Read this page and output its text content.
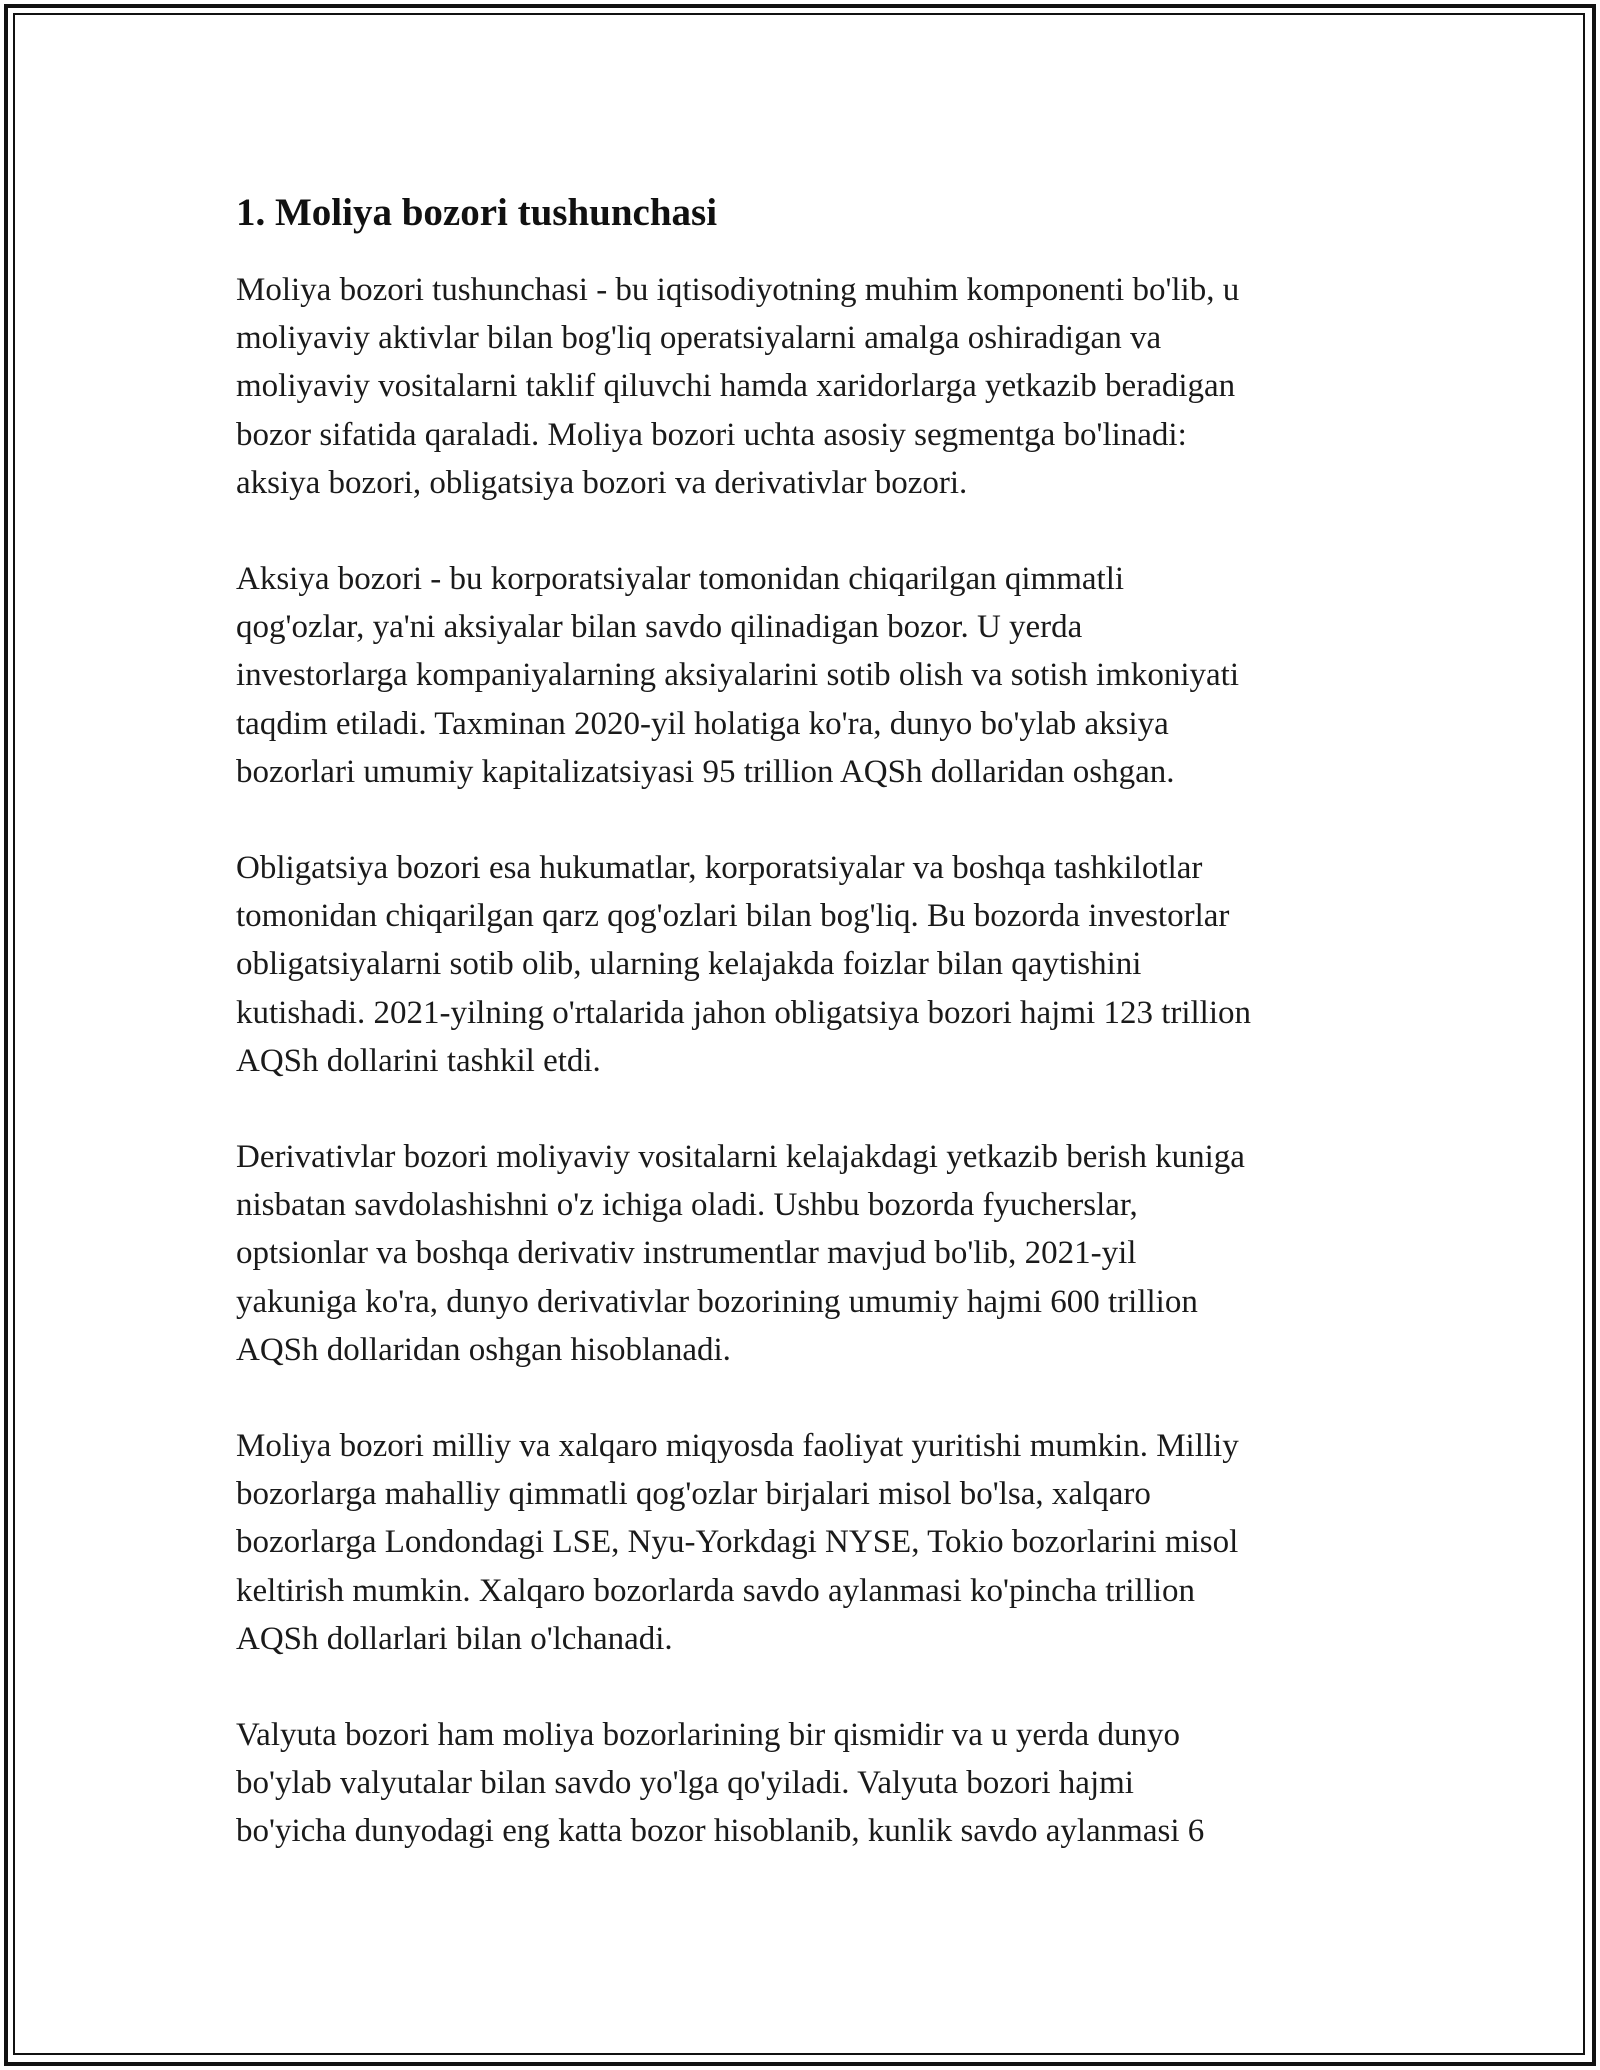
1. Moliya bozori tushunchasi

Moliya bozori tushunchasi - bu iqtisodiyotning muhim komponenti bo'lib, u
moliyaviy aktivlar bilan bog'liq operatsiyalarni amalga oshiradigan va
moliyaviy vositalarni taklif qiluvchi hamda xaridorlarga yetkazib beradigan
bozor sifatida qaraladi. Moliya bozori uchta asosiy segmentga bo'linadi:
aksiya bozori, obligatsiya bozori va derivativlar bozori.

Aksiya bozori - bu korporatsiyalar tomonidan chiqarilgan qimmatli
qog'ozlar, ya'ni aksiyalar bilan savdo qilinadigan bozor. U yerda
investorlarga kompaniyalarning aksiyalarini sotib olish va sotish imkoniyati
taqdim etiladi. Taxminan 2020-yil holatiga ko'ra, dunyo bo'ylab aksiya
bozorlari umumiy kapitalizatsiyasi 95 trillion AQSh dollaridan oshgan.

Obligatsiya bozori esa hukumatlar, korporatsiyalar va boshqa tashkilotlar
tomonidan chiqarilgan qarz qog'ozlari bilan bog'liq. Bu bozorda investorlar
obligatsiyalarni sotib olib, ularning kelajakda foizlar bilan qaytishini
kutishadi. 2021-yilning o'rtalarida jahon obligatsiya bozori hajmi 123 trillion
AQSh dollarini tashkil etdi.

Derivativlar bozori moliyaviy vositalarni kelajakdagi yetkazib berish kuniga
nisbatan savdolashishni o'z ichiga oladi. Ushbu bozorda fyucherslar,
optsionlar va boshqa derivativ instrumentlar mavjud bo'lib, 2021-yil
yakuniga ko'ra, dunyo derivativlar bozorining umumiy hajmi 600 trillion
AQSh dollaridan oshgan hisoblanadi.

Moliya bozori milliy va xalqaro miqyosda faoliyat yuritishi mumkin. Milliy
bozorlarga mahalliy qimmatli qog'ozlar birjalari misol bo'lsa, xalqaro
bozorlarga Londondagi LSE, Nyu-Yorkdagi NYSE, Tokio bozorlarini misol
keltirish mumkin. Xalqaro bozorlarda savdo aylanmasi ko'pincha trillion
AQSh dollarlari bilan o'lchanadi.

Valyuta bozori ham moliya bozorlarining bir qismidir va u yerda dunyo
bo'ylab valyutalar bilan savdo yo'lga qo'yiladi. Valyuta bozori hajmi
bo'yicha dunyodagi eng katta bozor hisoblanib, kunlik savdo aylanmasi 6
